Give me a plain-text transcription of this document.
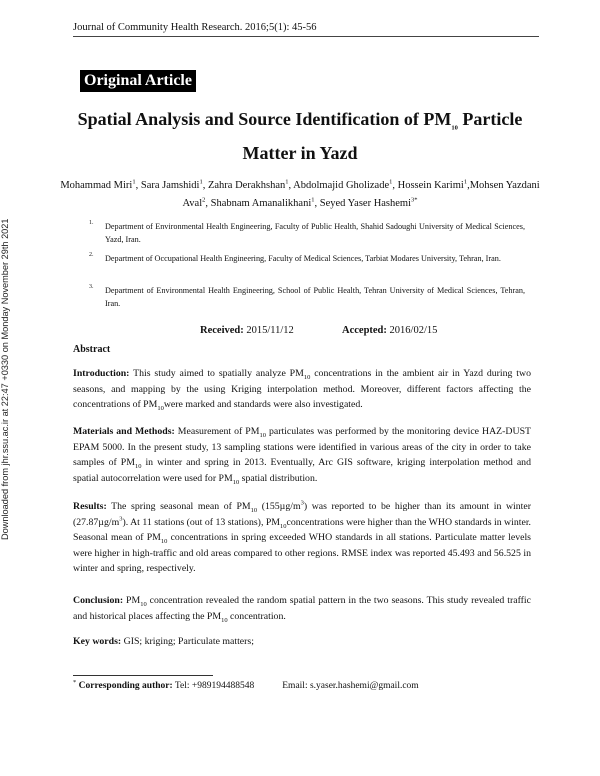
Downloaded from jhr.ssu.ac.ir at 22:47 +0330 on Monday November 29th 2021
Journal of Community Health Research. 2016;5(1): 45-56
Original Article
Spatial Analysis and Source Identification of $PM_{10}$ Particle
Matter in Yazd
Mohammad Miri$^1$, Sara Jamshidi$^1$, Zahra Derakhshan$^1$, Abdolmajid Gholizade$^1$, Hossein Karimi$^1$,Mohsen Yazdani
Aval$^2$, Shabnam Amanalikhani$^1$, Seyed Yaser Hashemi$^{3*}$
1. Department of Environmental Health Engineering, Faculty of Public Health, Shahid Sadoughi University of Medical Sciences, Yazd, Iran.
2. Department of Occupational Health Engineering, Faculty of Medical Sciences, Tarbiat Modares University, Tehran, Iran.
3. Department of Environmental Health Engineering, School of Public Health, Tehran University of Medical Sciences, Tehran, Iran.
Received: 2015/11/12	Accepted: 2016/02/15
Abstract
Introduction: This study aimed to spatially analyze $PM_{10}$ concentrations in the ambient air in Yazd during two seasons, and mapping by the using Kriging interpolation method. Moreover, different factors affecting the concentrations of $PM_{10}were$ marked and standards were also investigated.
Materials and Methods: Measurement of $PM_{10}$ particulates was performed by the monitoring device HAZ-DUST EPAM 5000. In the present study, 13 sampling stations were identified in various areas of the city in order to take samples of $PM_{10}$ in winter and spring in 2013. Eventually, Arc GIS software, kriging interpolation method and spatial autocorrelation were used for $PM_{10}$ spatial distribution.
Results: The spring seasonal mean of $PM_{10}$ $(155\mu g/m^3)$ was reported to be higher than its amount in winter $(27.87\mu g/m^3)$. At 11 stations (out of 13 stations), $PM_{10}concentrations$ were higher than the WHO standards in winter. Seasonal mean of $PM_{10}$ concentrations in spring exceeded WHO standards in all stations. Particulate matter levels were higher in high-traffic and old areas compared to other regions. RMSE index was reported 45.493 and 56.525 in winter and spring, respectively.
Conclusion: $PM_{10}$ concentration revealed the random spatial pattern in the two seasons. This study revealed traffic and historical places affecting the $PM_{10}$ concentration.
Key words: GIS; kriging; Particulate matters;
* Corresponding author: Tel: +989194488548	Email: s.yaser.hashemi@gmail.com
